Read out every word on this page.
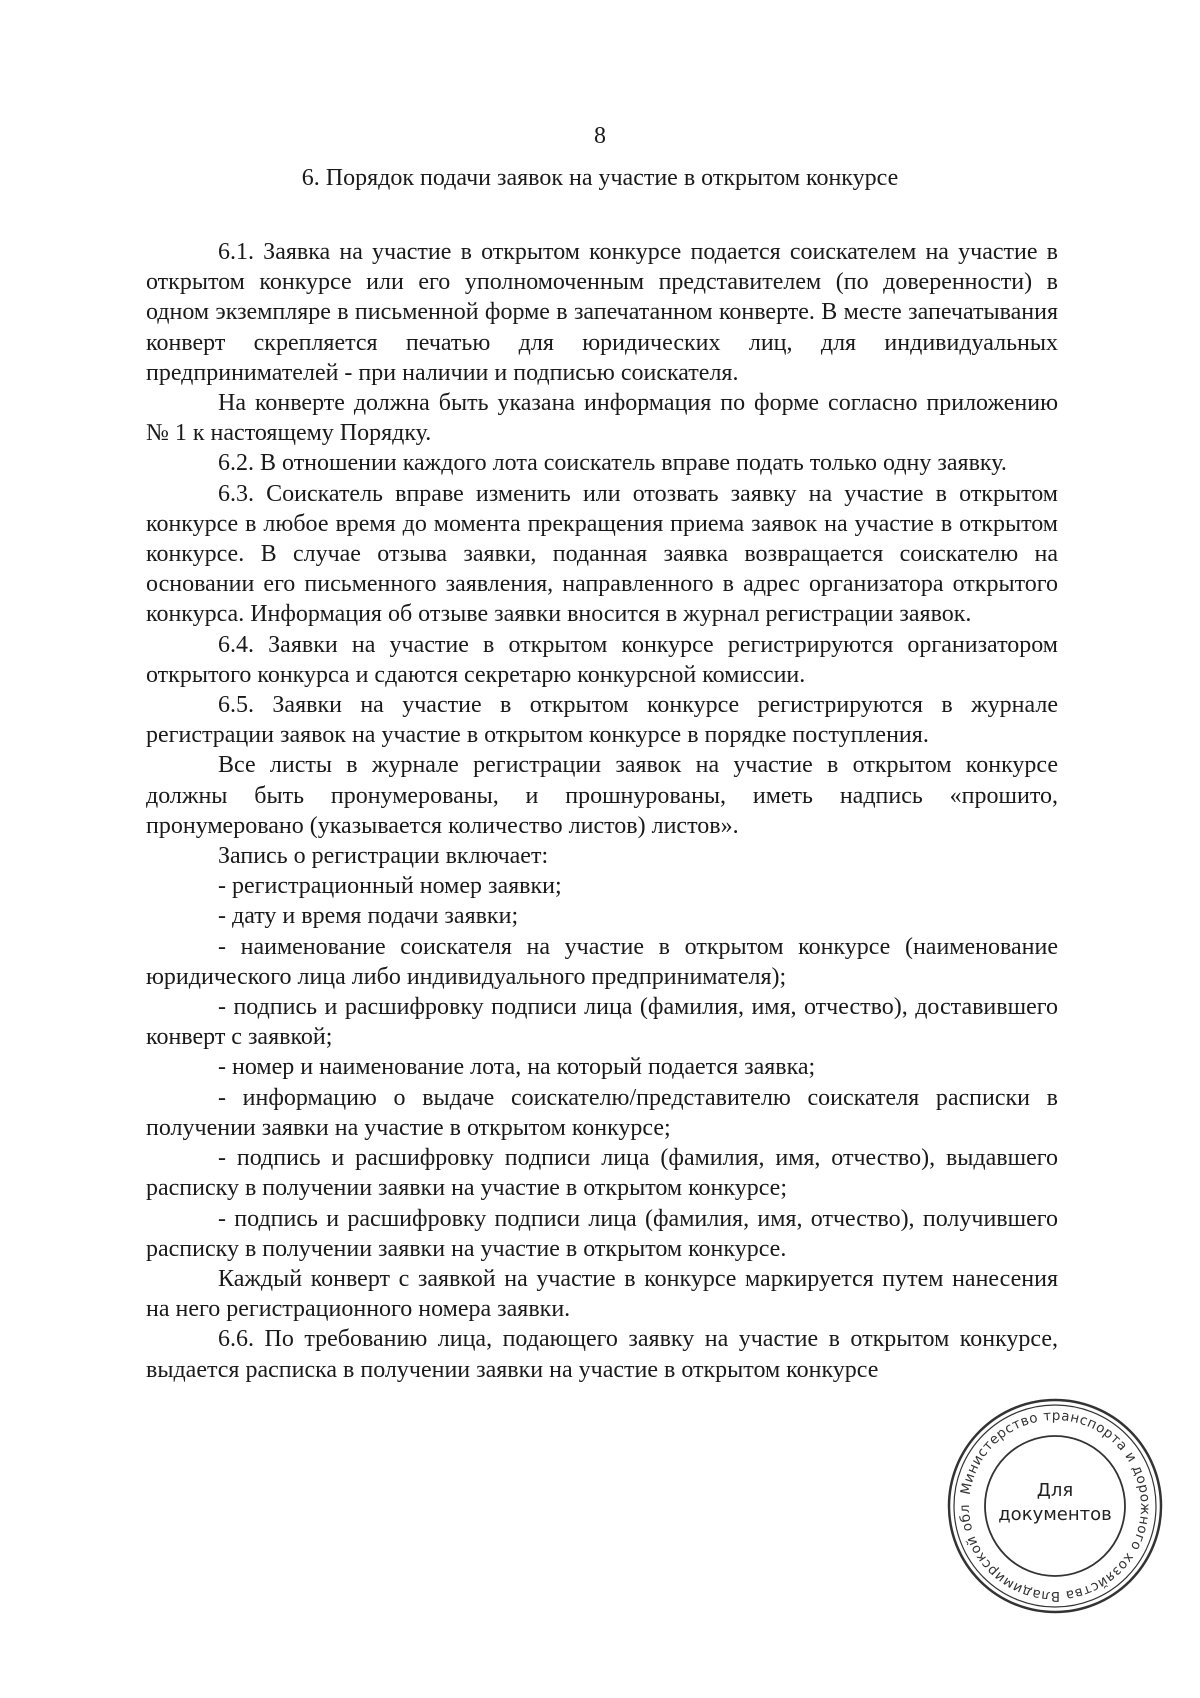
8
6. Порядок подачи заявок на участие в открытом конкурсе

6.1. Заявка на участие в открытом конкурсе подается соискателем на участие в открытом конкурсе или его уполномоченным представителем (по доверенности) в одном экземпляре в письменной форме в запечатанном конверте. В месте запечатывания конверт скрепляется печатью для юридических лиц, для индивидуальных предпринимателей - при наличии и подписью соискателя.

На конверте должна быть указана информация по форме согласно приложению № 1 к настоящему Порядку.

6.2. В отношении каждого лота соискатель вправе подать только одну заявку.

6.3. Соискатель вправе изменить или отозвать заявку на участие в открытом конкурсе в любое время до момента прекращения приема заявок на участие в открытом конкурсе. В случае отзыва заявки, поданная заявка возвращается соискателю на основании его письменного заявления, направленного в адрес организатора открытого конкурса. Информация об отзыве заявки вносится в журнал регистрации заявок.

6.4. Заявки на участие в открытом конкурсе регистрируются организатором открытого конкурса и сдаются секретарю конкурсной комиссии.

6.5. Заявки на участие в открытом конкурсе регистрируются в журнале регистрации заявок на участие в открытом конкурсе в порядке поступления.

Все листы в журнале регистрации заявок на участие в открытом конкурсе должны быть пронумерованы, и прошнурованы, иметь надпись «прошито, пронумеровано (указывается количество листов) листов».

Запись о регистрации включает:

- регистрационный номер заявки;

- дату и время подачи заявки;

- наименование соискателя на участие в открытом конкурсе (наименование юридического лица либо индивидуального предпринимателя);

- подпись и расшифровку подписи лица (фамилия, имя, отчество), доставившего конверт с заявкой;

- номер и наименование лота, на который подается заявка;

- информацию о выдаче соискателю/представителю соискателя расписки в получении заявки на участие в открытом конкурсе;

- подпись и расшифровку подписи лица (фамилия, имя, отчество), выдавшего расписку в получении заявки на участие в открытом конкурсе;

- подпись и расшифровку подписи лица (фамилия, имя, отчество), получившего расписку в получении заявки на участие в открытом конкурсе.

Каждый конверт с заявкой на участие в конкурсе маркируется путем нанесения на него регистрационного номера заявки.

6.6. По требованию лица, подающего заявку на участие в открытом конкурсе, выдается расписка в получении заявки на участие в открытом конкурсе

Министерство транспорта и дорожного хозяйства Владимирской обл
Для
документов
